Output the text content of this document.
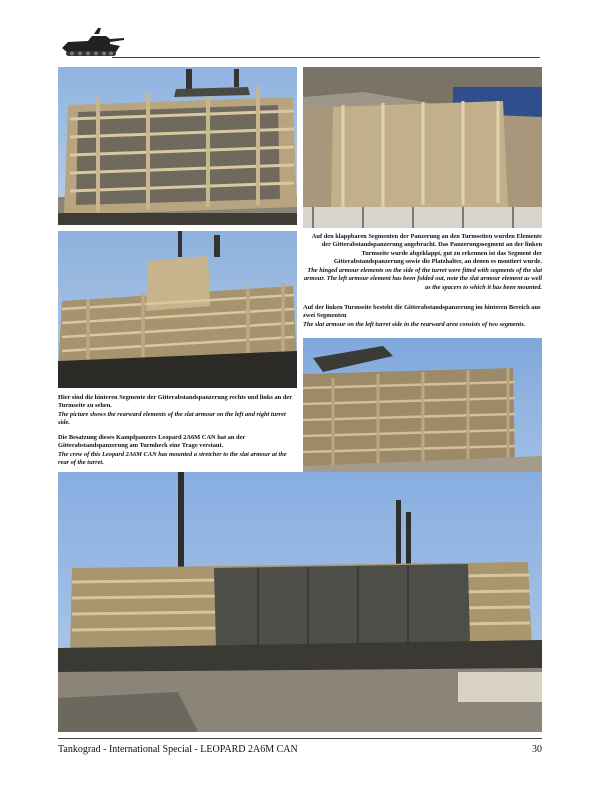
Auf den klappbaren Segmenten der Panzerung an den Turmseiten wurden Elemente der Gitterabstandspanzerung angebracht. Das Panzerungssegment an der linken Turmseite wurde abgeklappt, gut zu erkennen ist das Segment der Gitterabstandspanzerung sowie die Platzhalter, an denen es montiert wurde.

The hinged armour elements on the side of the turret were fitted with segments of the slat armour. The left armour element has been folded out, note the slat armour element as well as the spacers to which it has been mounted.

Auf der linken Turmseite besteht die Gitterabstandspanzerung im hinteren Bereich aus zwei Segmenten

The slat armour on the left turret side in the rearward area consists of two segments.

Hier sind die hinteren Segmente der Gitterabstandspanzerung rechts und links an der Turmseite zu sehen.

The picture shows the rearward elements of the slat armour on the left and right turret side.

Die Besatzung dieses Kampfpanzers Leopard 2A6M CAN hat an der Gitterabstandspanzerung am Turmheck eine Trage verstaut.

The crew of this Leopard 2A6M CAN has mounted a stretcher to the slat armour at the rear of the turret.

Tankograd - International Special - LEOPARD 2A6M CAN	30
